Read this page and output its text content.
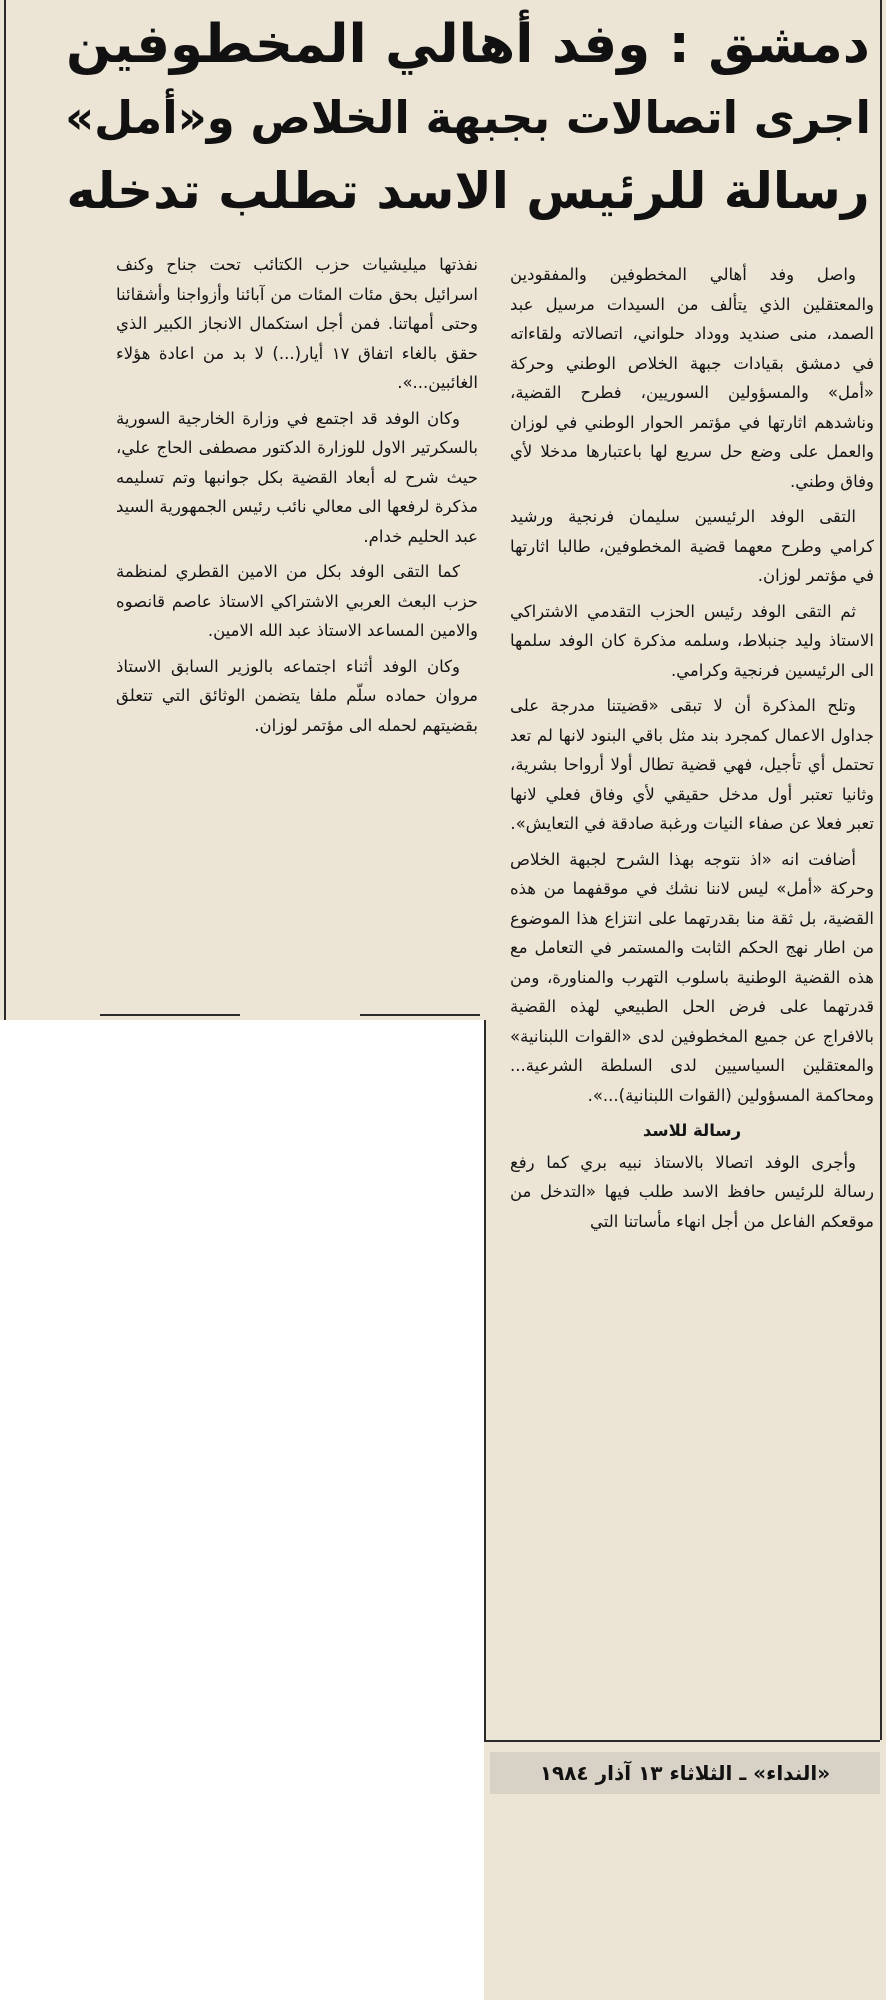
دمشق : وفد أهالي المخطوفين
اجرى اتصالات بجبهة الخلاص و«أمل»
رسالة للرئيس الاسد تطلب تدخله

واصل وفد أهالي المخطوفين والمفقودين والمعتقلين الذي يتألف من السيدات مرسيل عبد الصمد، منى صنديد ووداد حلواني، اتصالاته ولقاءاته في دمشق بقيادات جبهة الخلاص الوطني وحركة «أمل» والمسؤولين السوريين، فطرح القضية، وناشدهم اثارتها في مؤتمر الحوار الوطني في لوزان والعمل على وضع حل سريع لها باعتبارها مدخلا لأي وفاق وطني.

التقى الوفد الرئيسين سليمان فرنجية ورشيد كرامي وطرح معهما قضية المخطوفين، طالبا اثارتها في مؤتمر لوزان.

ثم التقى الوفد رئيس الحزب التقدمي الاشتراكي الاستاذ وليد جنبلاط، وسلمه مذكرة كان الوفد سلمها الى الرئيسين فرنجية وكرامي.

وتلح المذكرة أن لا تبقى «قضيتنا مدرجة على جداول الاعمال كمجرد بند مثل باقي البنود لانها لم تعد تحتمل أي تأجيل، فهي قضية تطال أولا أرواحا بشرية، وثانيا تعتبر أول مدخل حقيقي لأي وفاق فعلي لانها تعبر فعلا عن صفاء النيات ورغبة صادقة في التعايش».

أضافت انه «اذ نتوجه بهذا الشرح لجبهة الخلاص وحركة «أمل» ليس لاننا نشك في موقفهما من هذه القضية، بل ثقة منا بقدرتهما على انتزاع هذا الموضوع من اطار نهج الحكم الثابت والمستمر في التعامل مع هذه القضية الوطنية باسلوب التهرب والمناورة، ومن قدرتهما على فرض الحل الطبيعي لهذه القضية بالافراج عن جميع المخطوفين لدى «القوات اللبنانية» والمعتقلين السياسيين لدى السلطة الشرعية... ومحاكمة المسؤولين (القوات اللبنانية)...».

رسالة للاسد

وأجرى الوفد اتصالا بالاستاذ نبيه بري كما رفع رسالة للرئيس حافظ الاسد طلب فيها «التدخل من موقعكم الفاعل من أجل انهاء مأساتنا التي

نفذتها ميليشيات حزب الكتائب تحت جناح وكنف اسرائيل بحق مئات المئات من آبائنا وأزواجنا وأشقائنا وحتى أمهاتنا. فمن أجل استكمال الانجاز الكبير الذي حقق بالغاء اتفاق ١٧ أيار(...) لا بد من اعادة هؤلاء الغائبين...».

وكان الوفد قد اجتمع في وزارة الخارجية السورية بالسكرتير الاول للوزارة الدكتور مصطفى الحاج علي، حيث شرح له أبعاد القضية بكل جوانبها وتم تسليمه مذكرة لرفعها الى معالي نائب رئيس الجمهورية السيد عبد الحليم خدام.

كما التقى الوفد بكل من الامين القطري لمنظمة حزب البعث العربي الاشتراكي الاستاذ عاصم قانصوه والامين المساعد الاستاذ عبد الله الامين.

وكان الوفد أثناء اجتماعه بالوزير السابق الاستاذ مروان حماده سلّم ملفا يتضمن الوثائق التي تتعلق بقضيتهم لحمله الى مؤتمر لوزان.

«النداء» ـ الثلاثاء ١٣ آذار ١٩٨٤
